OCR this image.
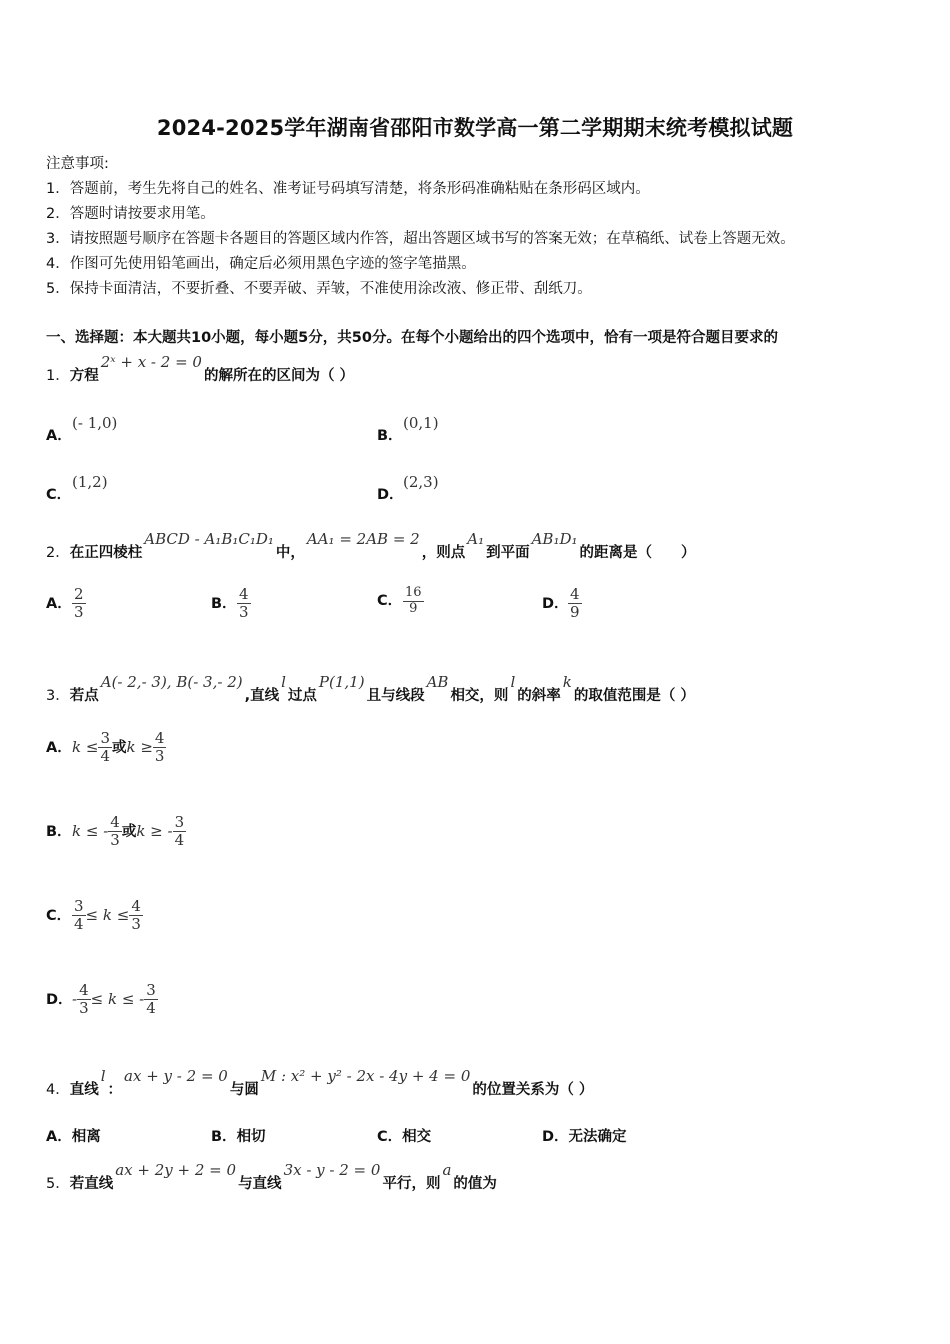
2024-2025学年湖南省邵阳市数学高一第二学期期末统考模拟试题
注意事项:
1．答题前，考生先将自己的姓名、准考证号码填写清楚，将条形码准确粘贴在条形码区域内。
2．答题时请按要求用笔。
3．请按照题号顺序在答题卡各题目的答题区域内作答，超出答题区域书写的答案无效；在草稿纸、试卷上答题无效。
4．作图可先使用铅笔画出，确定后必须用黑色字迹的签字笔描黑。
5．保持卡面清洁，不要折叠、不要弄破、弄皱，不准使用涂改液、修正带、刮纸刀。
一、选择题：本大题共10小题，每小题5分，共50分。在每个小题给出的四个选项中，恰有一项是符合题目要求的
1．方程2ˣ + x - 2 = 0的解所在的区间为（ ）
A．(- 1,0)
B．(0,1)
C．(1,2)
D．(2,3)
2．在正四棱柱ABCD - A₁B₁C₁D₁中，AA₁ = 2AB = 2，则点A₁到平面AB₁D₁的距离是（　　）
A． $\frac{2}{3}$	B． $\frac{4}{3}$	C． $\frac{16}{9}$	D． $\frac{4}{9}$
3．若点A(- 2,- 3), B(- 3,- 2),直线l过点P(1,1)且与线段AB相交，则l的斜率k的取值范围是（ ）
A．$k \le \frac{3}{4}$ 或$k \ge \frac{4}{3}$
B．k ≤ - $\frac{4}{3}$ 或k ≥ - $\frac{3}{4}$
C． $\frac{3}{4} \le k \le \frac{4}{3}$
D．- $\frac{4}{3} \le k$ ≤ - $\frac{3}{4}$
4．直线l：ax + y - 2 = 0与圆M : x² + y² - 2x - 4y + 4 = 0的位置关系为（ ）
A．相离	B．相切	C．相交	D．无法确定
5．若直线ax + 2y + 2 = 0与直线3x - y - 2 = 0平行，则a的值为
